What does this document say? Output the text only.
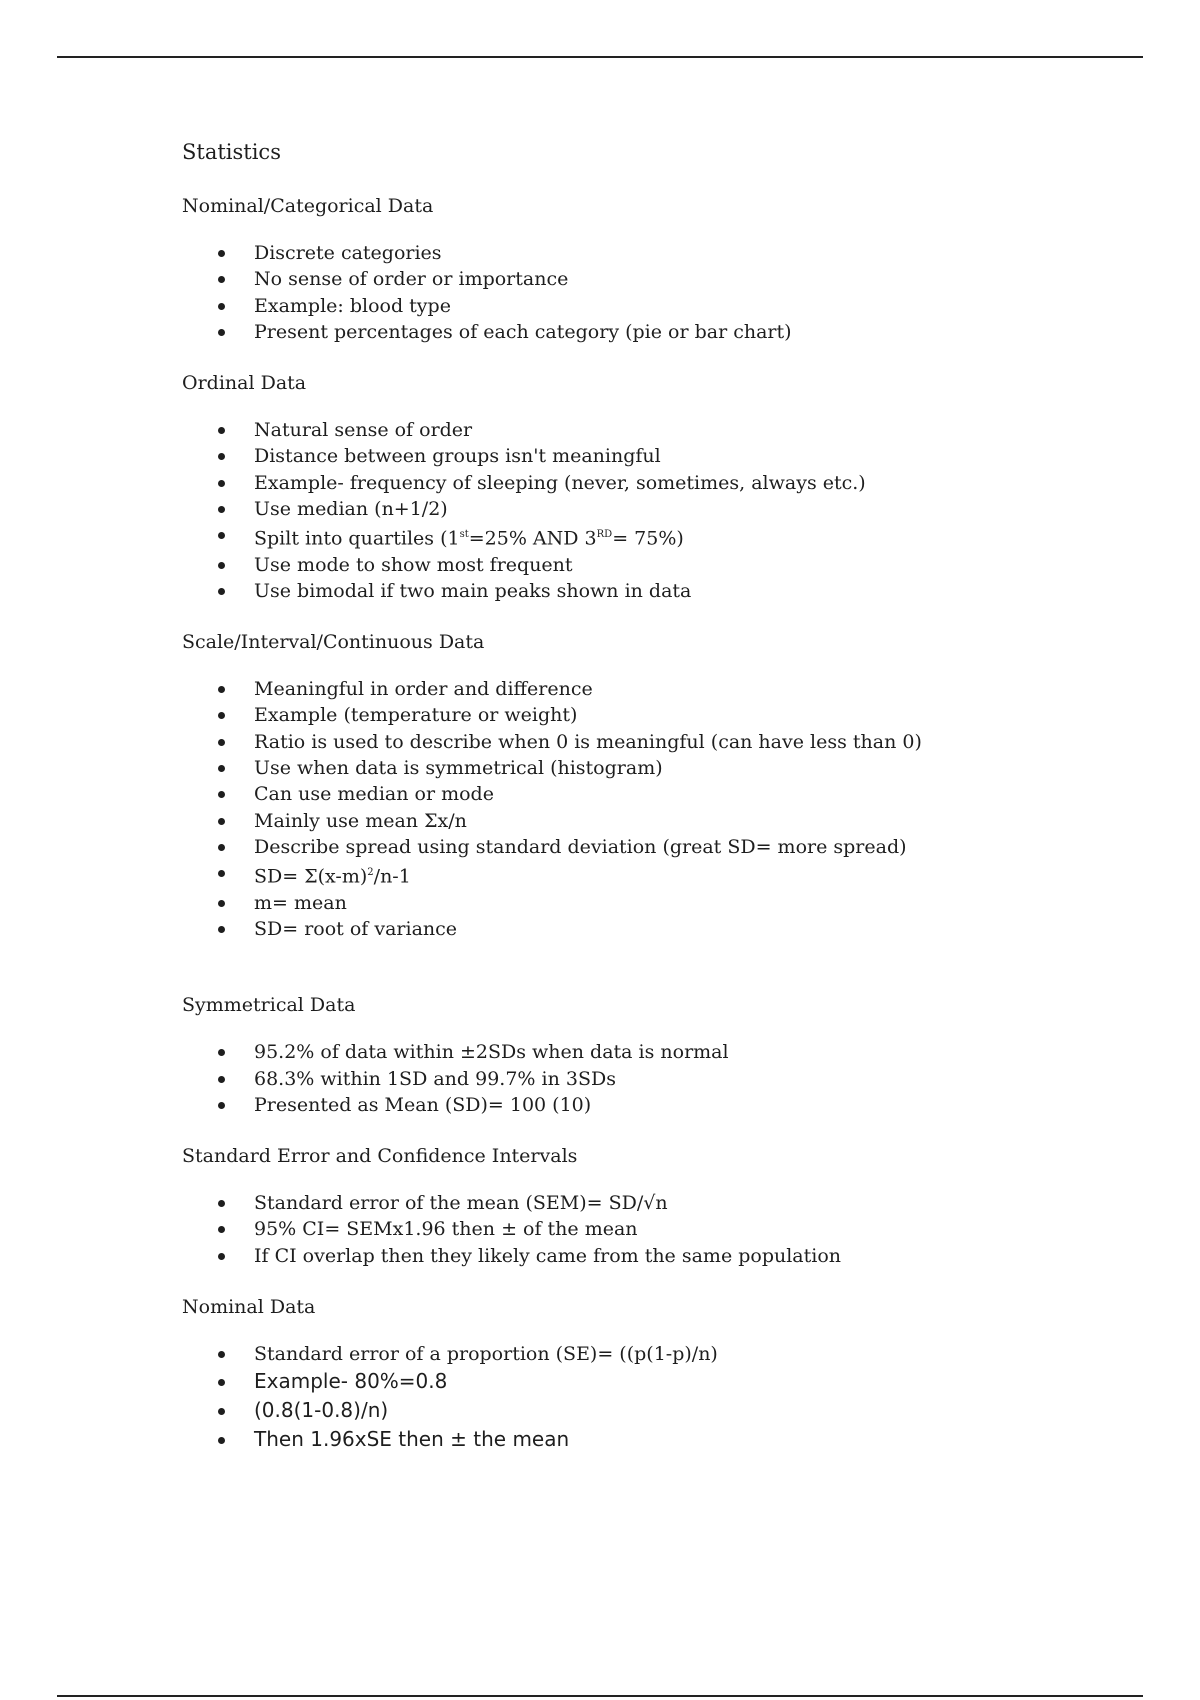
Statistics
Nominal/Categorical Data
Discrete categories
No sense of order or importance
Example: blood type
Present percentages of each category (pie or bar chart)
Ordinal Data
Natural sense of order
Distance between groups isn't meaningful
Example- frequency of sleeping (never, sometimes, always etc.)
Use median (n+1/2)
Spilt into quartiles (1st=25% AND 3RD= 75%)
Use mode to show most frequent
Use bimodal if two main peaks shown in data
Scale/Interval/Continuous Data
Meaningful in order and difference
Example (temperature or weight)
Ratio is used to describe when 0 is meaningful (can have less than 0)
Use when data is symmetrical (histogram)
Can use median or mode
Mainly use mean Σx/n
Describe spread using standard deviation (great SD= more spread)
$SD= \Sigma(x-m)^2/n-1$
m= mean
SD= root of variance
Symmetrical Data
95.2% of data within ±2SDs when data is normal
68.3% within 1SD and 99.7% in 3SDs
Presented as Mean (SD)= 100 (10)
Standard Error and Confidence Intervals
Standard error of the mean (SEM)= SD/√n
95% CI= SEMx1.96 then ± of the mean
If CI overlap then they likely came from the same population
Nominal Data
Standard error of a proportion (SE)= ((p(1-p)/n)
Example- 80%=0.8
(0.8(1-0.8)/n)
Then 1.96xSE then ± the mean
